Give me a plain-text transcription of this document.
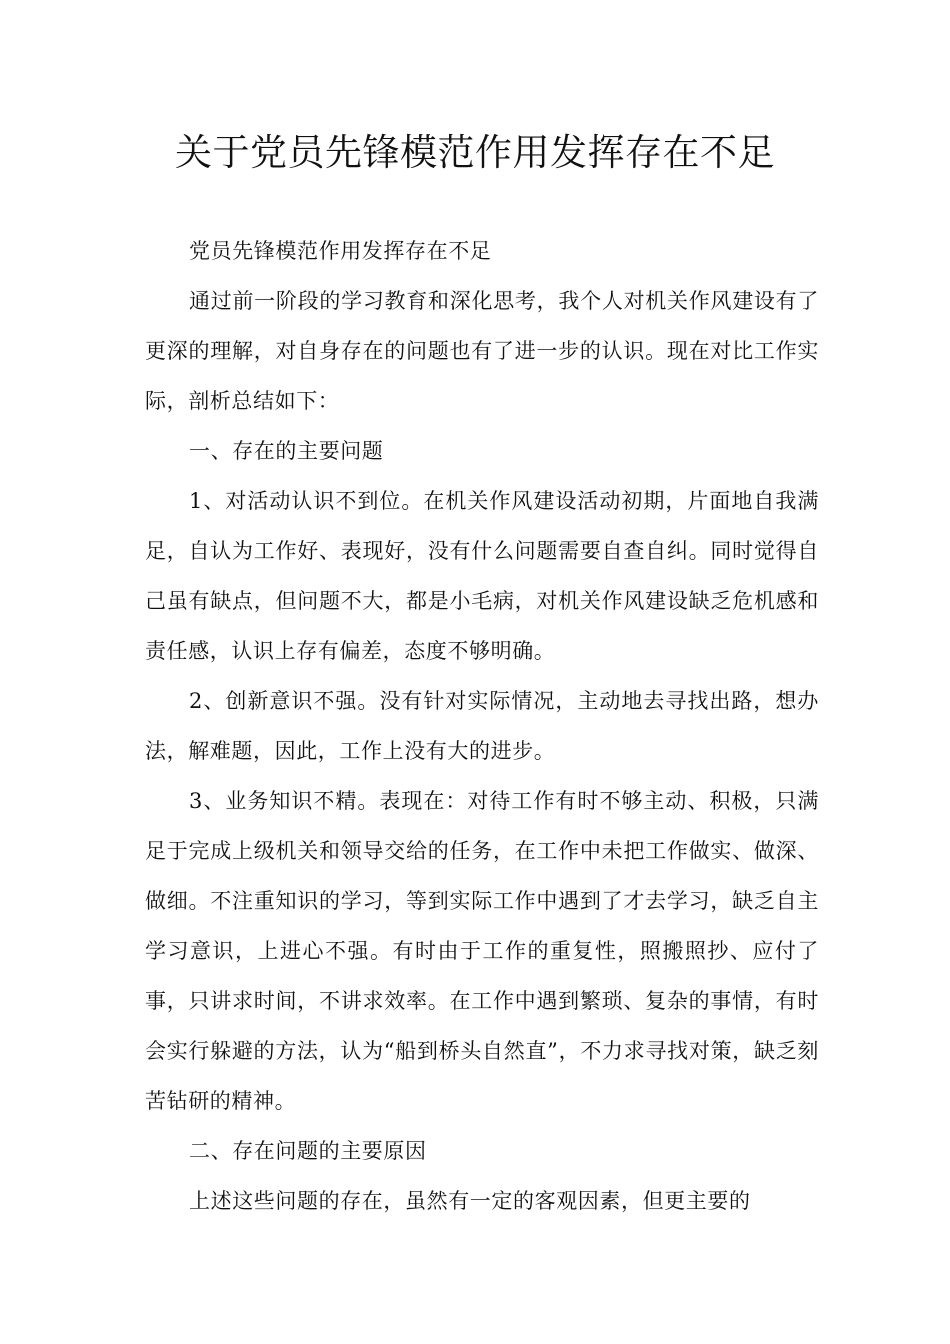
关于党员先锋模范作用发挥存在不足

党员先锋模范作用发挥存在不足

通过前一阶段的学习教育和深化思考，我个人对机关作风建设有了更深的理解，对自身存在的问题也有了进一步的认识。现在对比工作实际，剖析总结如下：

一、存在的主要问题

1、对活动认识不到位。在机关作风建设活动初期，片面地自我满足，自认为工作好、表现好，没有什么问题需要自查自纠。同时觉得自己虽有缺点，但问题不大，都是小毛病，对机关作风建设缺乏危机感和责任感，认识上存有偏差，态度不够明确。

2、创新意识不强。没有针对实际情况，主动地去寻找出路，想办法，解难题，因此，工作上没有大的进步。

3、业务知识不精。表现在：对待工作有时不够主动、积极，只满足于完成上级机关和领导交给的任务，在工作中未把工作做实、做深、做细。不注重知识的学习，等到实际工作中遇到了才去学习，缺乏自主学习意识，上进心不强。有时由于工作的重复性，照搬照抄、应付了事，只讲求时间，不讲求效率。在工作中遇到繁琐、复杂的事情，有时会实行躲避的方法，认为“船到桥头自然直”，不力求寻找对策，缺乏刻苦钻研的精神。

二、存在问题的主要原因

上述这些问题的存在，虽然有一定的客观因素，但更主要的
